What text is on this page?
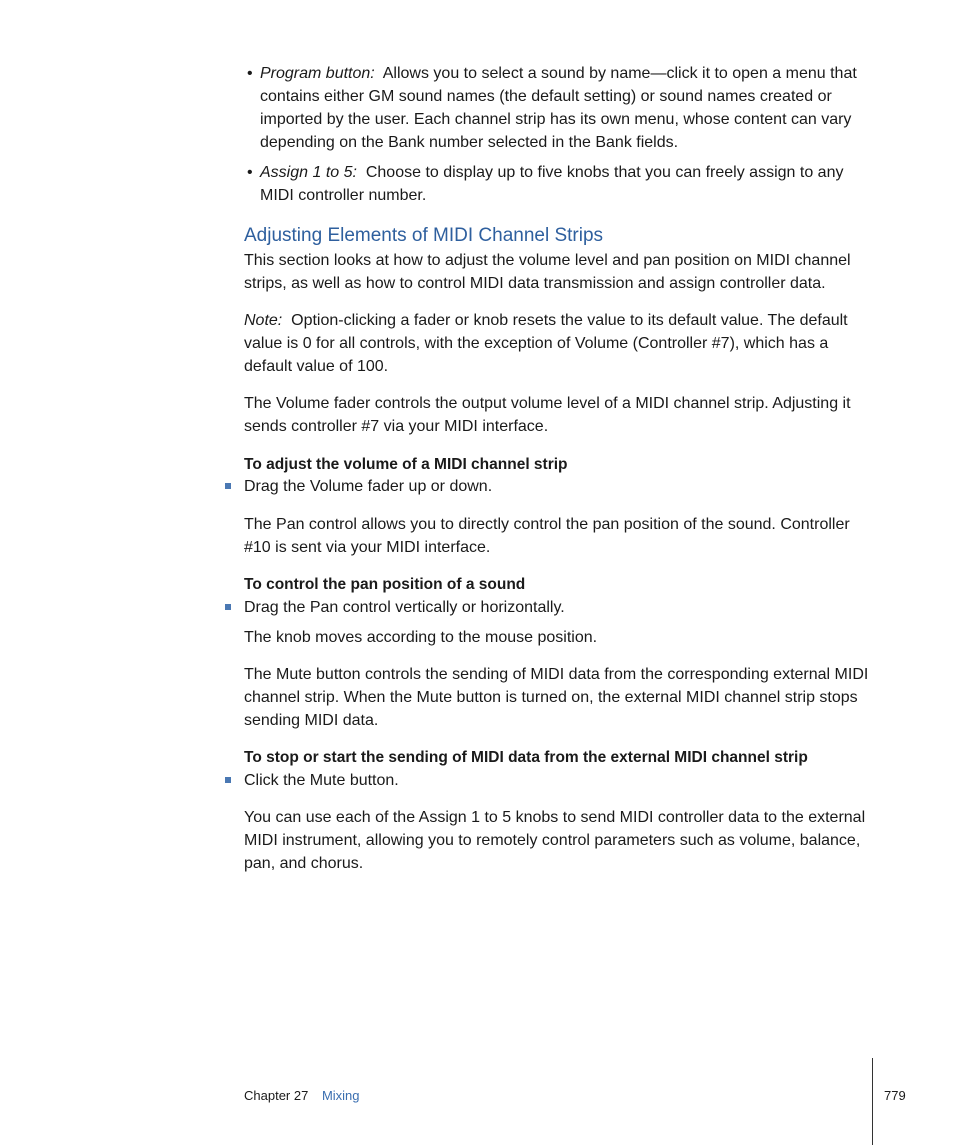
• Program button: Allows you to select a sound by name—click it to open a menu that contains either GM sound names (the default setting) or sound names created or imported by the user. Each channel strip has its own menu, whose content can vary depending on the Bank number selected in the Bank fields.

• Assign 1 to 5: Choose to display up to five knobs that you can freely assign to any MIDI controller number.

Adjusting Elements of MIDI Channel Strips

This section looks at how to adjust the volume level and pan position on MIDI channel strips, as well as how to control MIDI data transmission and assign controller data.

Note: Option-clicking a fader or knob resets the value to its default value. The default value is 0 for all controls, with the exception of Volume (Controller #7), which has a default value of 100.

The Volume fader controls the output volume level of a MIDI channel strip. Adjusting it sends controller #7 via your MIDI interface.

To adjust the volume of a MIDI channel strip
Drag the Volume fader up or down.

The Pan control allows you to directly control the pan position of the sound. Controller #10 is sent via your MIDI interface.

To control the pan position of a sound
Drag the Pan control vertically or horizontally.

The knob moves according to the mouse position.

The Mute button controls the sending of MIDI data from the corresponding external MIDI channel strip. When the Mute button is turned on, the external MIDI channel strip stops sending MIDI data.

To stop or start the sending of MIDI data from the external MIDI channel strip
Click the Mute button.

You can use each of the Assign 1 to 5 knobs to send MIDI controller data to the external MIDI instrument, allowing you to remotely control parameters such as volume, balance, pan, and chorus.

Chapter 27 Mixing	779
